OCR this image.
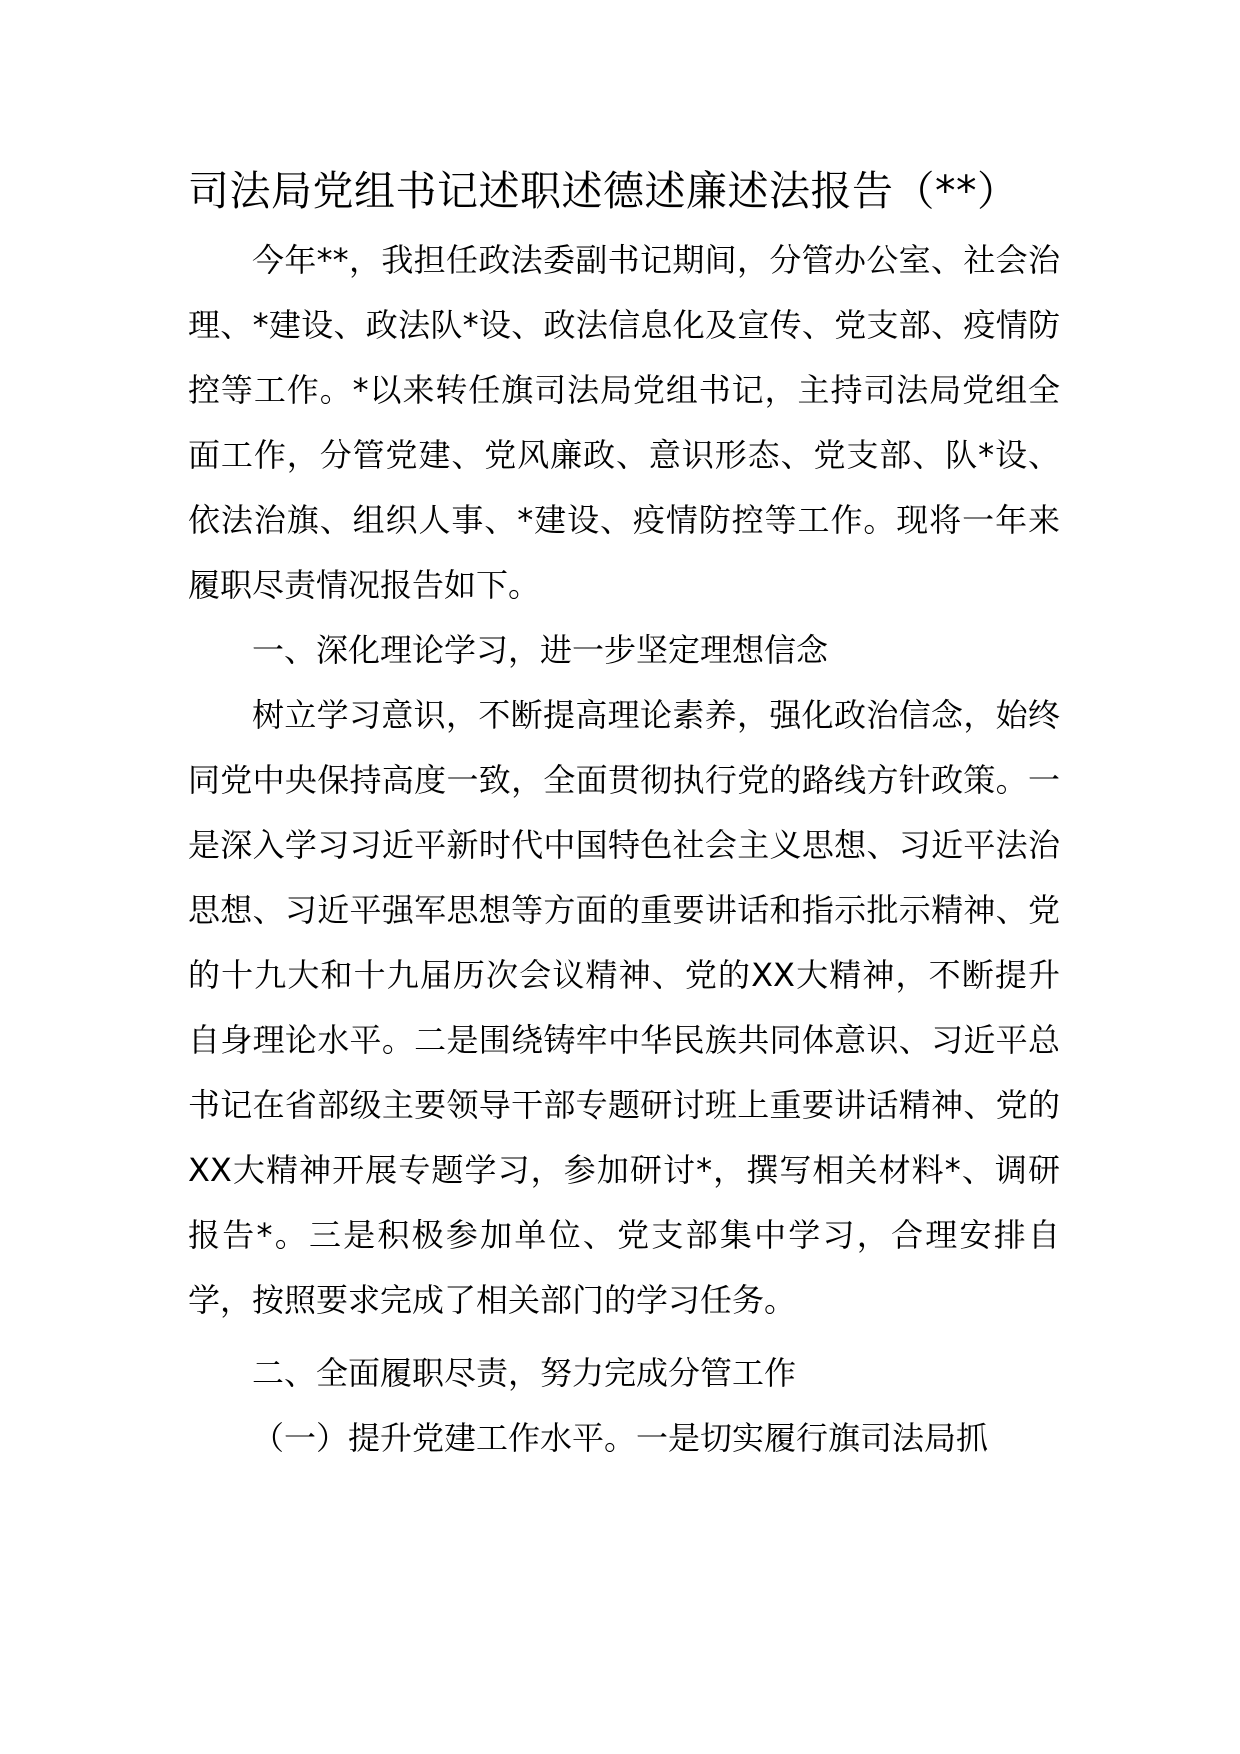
司法局党组书记述职述德述廉述法报告（**）

今年**，我担任政法委副书记期间，分管办公室、社会治理、*建设、政法队*设、政法信息化及宣传、党支部、疫情防控等工作。*以来转任旗司法局党组书记，主持司法局党组全面工作，分管党建、党风廉政、意识形态、党支部、队*设、依法治旗、组织人事、*建设、疫情防控等工作。现将一年来履职尽责情况报告如下。

一、深化理论学习，进一步坚定理想信念

树立学习意识，不断提高理论素养，强化政治信念，始终同党中央保持高度一致，全面贯彻执行党的路线方针政策。一是深入学习习近平新时代中国特色社会主义思想、习近平法治思想、习近平强军思想等方面的重要讲话和指示批示精神、党的十九大和十九届历次会议精神、党的XX大精神，不断提升自身理论水平。二是围绕铸牢中华民族共同体意识、习近平总书记在省部级主要领导干部专题研讨班上重要讲话精神、党的XX大精神开展专题学习，参加研讨*，撰写相关材料*、调研报告*。三是积极参加单位、党支部集中学习，合理安排自学，按照要求完成了相关部门的学习任务。

二、全面履职尽责，努力完成分管工作

（一）提升党建工作水平。一是切实履行旗司法局抓
